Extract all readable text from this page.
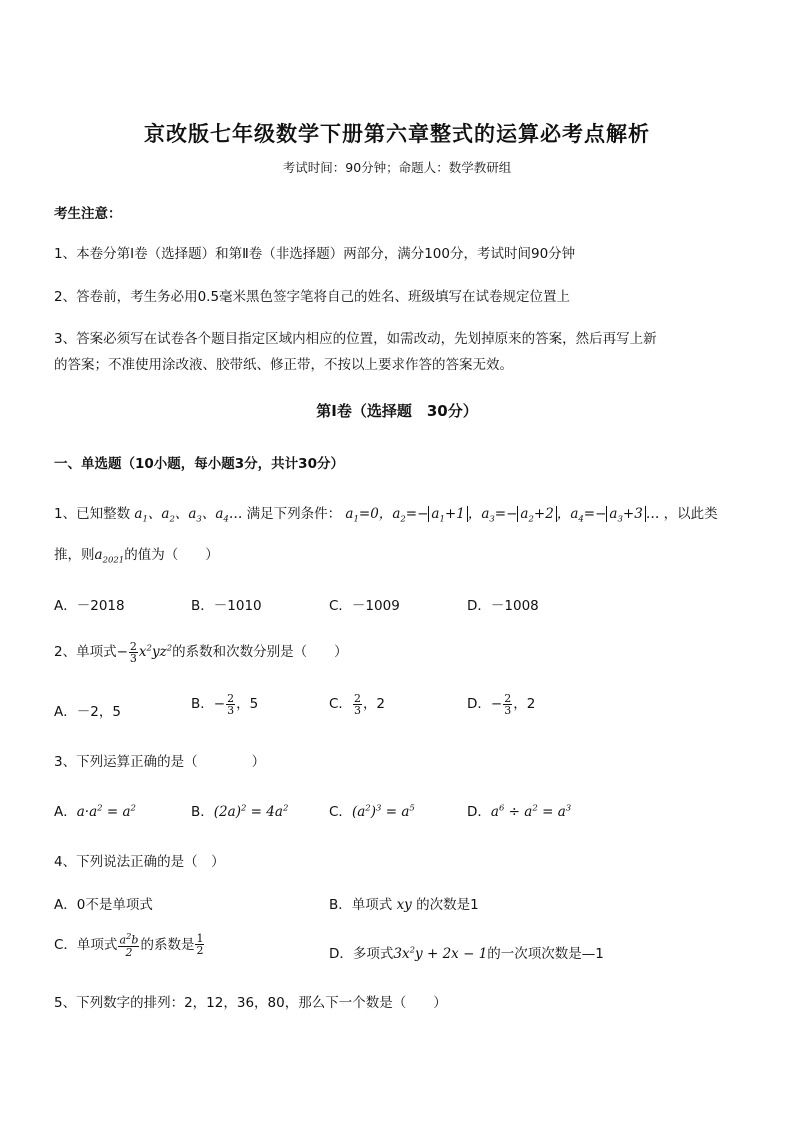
京改版七年级数学下册第六章整式的运算必考点解析
考试时间：90分钟；命题人：数学教研组
考生注意：
1、本卷分第Ⅰ卷（选择题）和第Ⅱ卷（非选择题）两部分，满分100分，考试时间90分钟
2、答卷前，考生务必用0.5毫米黑色签字笔将自己的姓名、班级填写在试卷规定位置上
3、答案必须写在试卷各个题目指定区域内相应的位置，如需改动，先划掉原来的答案，然后再写上新
的答案；不准使用涂改液、胶带纸、修正带，不按以上要求作答的答案无效。
第Ⅰ卷（选择题　30分）
一、单选题（10小题，每小题3分，共计30分）
1、已知整数 $a_1$、$a_2$、$a_3$、$a_4\dots$ 满足下列条件： $a_1=0$，$a_2=- a_1+1$ ，$a_3=- a_2+2$ ，$a_4=- a_3+3$ … ，以此类
推，则$a_{2021}$的值为（　　）
A．－2018	B．－1010	C．－1009	D．－1008
2、单项式− $\frac{2}{3} x^2yz^2$的系数和次数分别是（　　）
A．－2，5	B．− $\frac{2}{3}$ ，5	C． $\frac{2}{3}$ ，2	D．− $\frac{2}{3}$ ，2
3、下列运算正确的是（　　　　）
A．$a\cdot a^2 = a^2$	B．$(2a)^2 = 4a^2$	C．$(a^2)^3 = a^5$	D．$a^6 \div a^2 = a^3$
4、下列说法正确的是（　）
A．0不是单项式	B．单项式 xy 的次数是1
C．单项式 $\frac{a^2b}{2}$ 的系数是 $\frac{1}{2}$	D．多项式$3x^2y + 2x - 1$的一次项次数是—1
5、下列数字的排列：2，12，36，80，那么下一个数是（　　）
